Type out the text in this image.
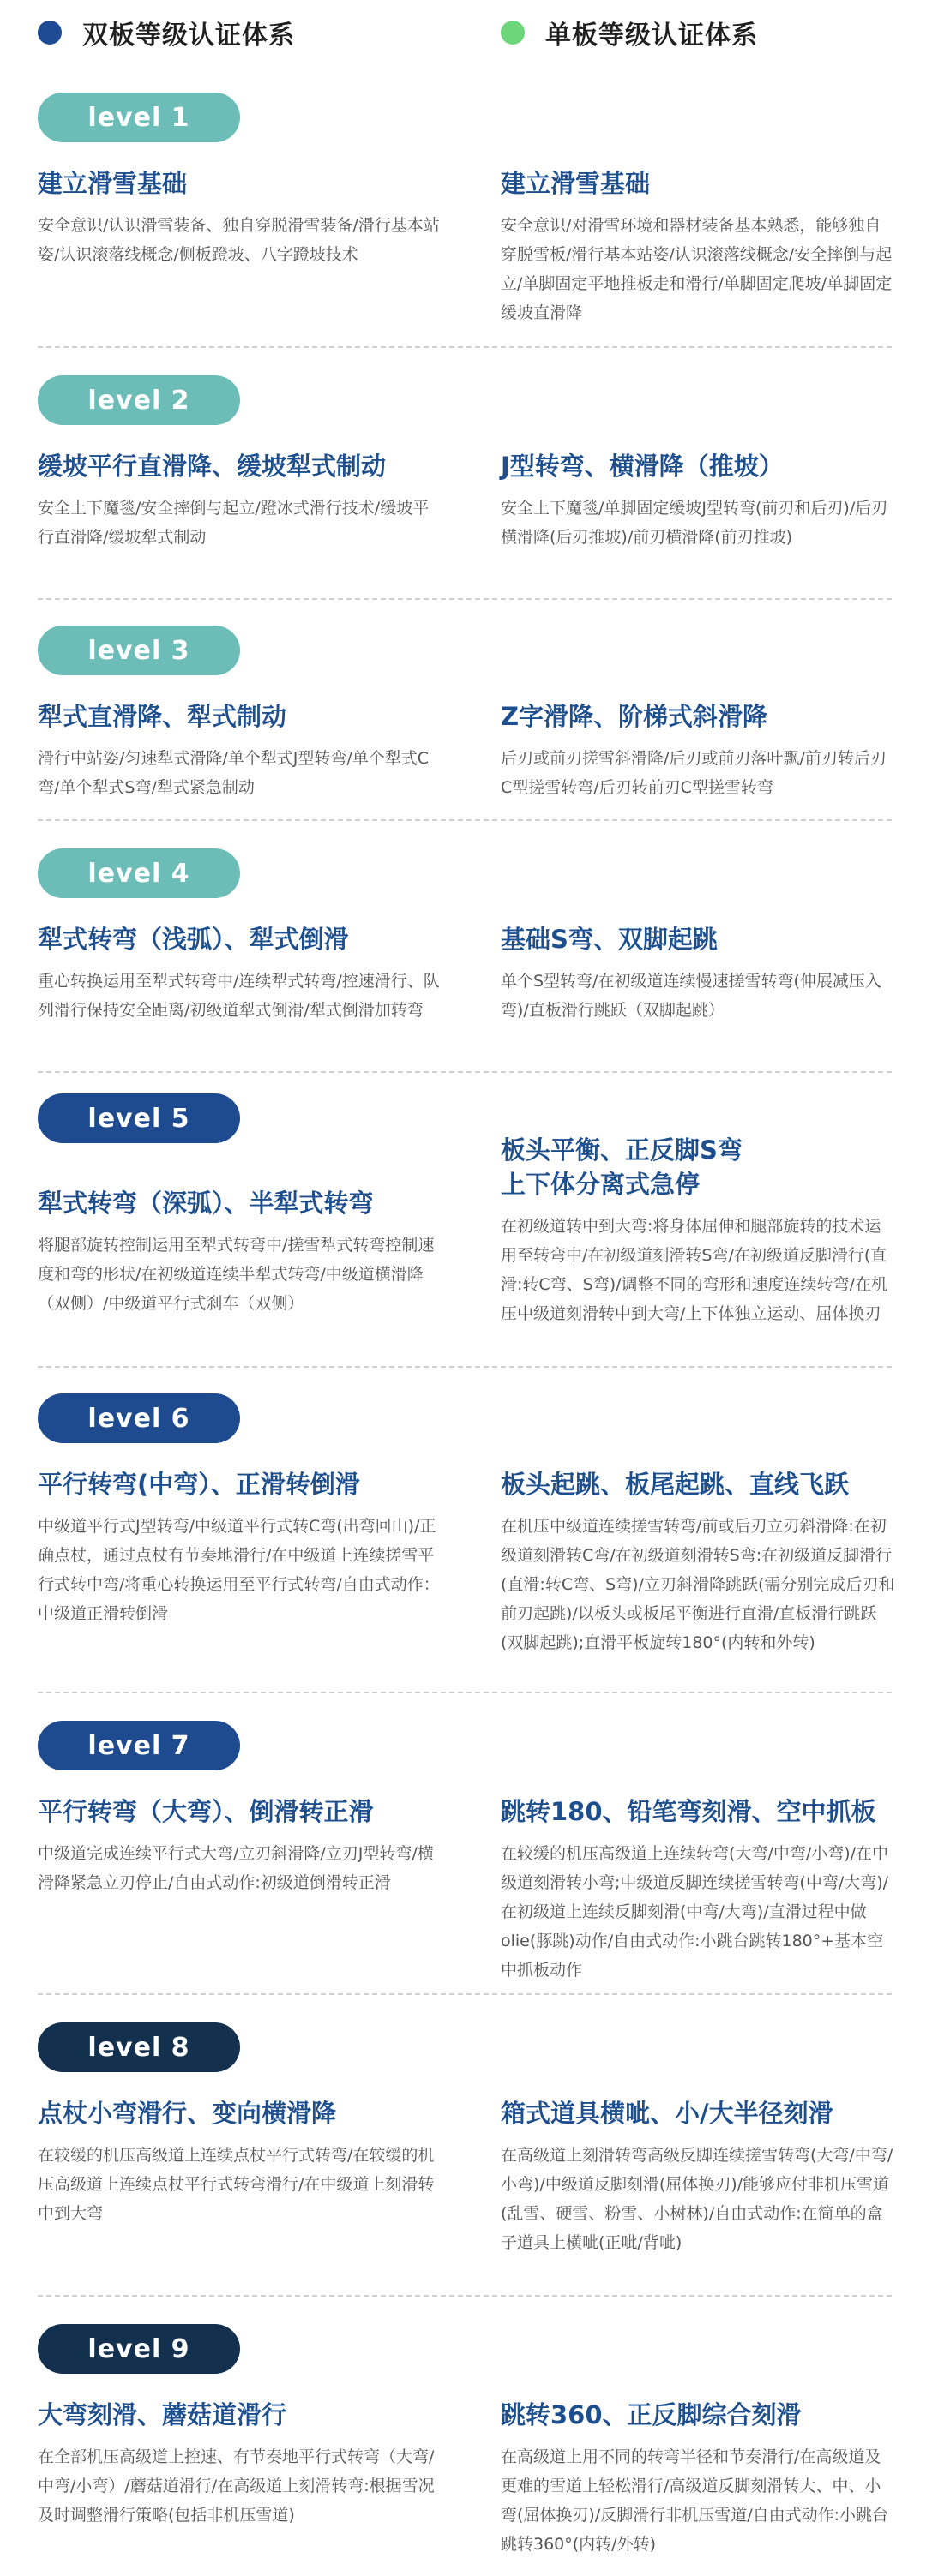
双板等级认证体系	单板等级认证体系
level 1
建立滑雪基础
安全意识/认识滑雪装备、独自穿脱滑雪装备/滑行基本站姿/认识滚落线概念/侧板蹬坡、八字蹬坡技术
建立滑雪基础
安全意识/对滑雪环境和器材装备基本熟悉，能够独自穿脱雪板/滑行基本站姿/认识滚落线概念/安全摔倒与起立/单脚固定平地推板走和滑行/单脚固定爬坡/单脚固定缓坡直滑降
level 2
缓坡平行直滑降、缓坡犁式制动
安全上下魔毯/安全摔倒与起立/蹬冰式滑行技术/缓坡平行直滑降/缓坡犁式制动
J型转弯、横滑降（推坡）
安全上下魔毯/单脚固定缓坡J型转弯(前刃和后刃)/后刃横滑降(后刃推坡)/前刃横滑降(前刃推坡)
level 3
犁式直滑降、犁式制动
滑行中站姿/匀速犁式滑降/单个犁式J型转弯/单个犁式C弯/单个犁式S弯/犁式紧急制动
Z字滑降、阶梯式斜滑降
后刃或前刃搓雪斜滑降/后刃或前刃落叶飘/前刃转后刃C型搓雪转弯/后刃转前刃C型搓雪转弯
level 4
犁式转弯（浅弧）、犁式倒滑
重心转换运用至犁式转弯中/连续犁式转弯/控速滑行、队列滑行保持安全距离/初级道犁式倒滑/犁式倒滑加转弯
基础S弯、双脚起跳
单个S型转弯/在初级道连续慢速搓雪转弯(伸展减压入弯)/直板滑行跳跃（双脚起跳）
level 5
犁式转弯（深弧）、半犁式转弯
将腿部旋转控制运用至犁式转弯中/搓雪犁式转弯控制速度和弯的形状/在初级道连续半犁式转弯/中级道横滑降（双侧）/中级道平行式刹车（双侧）
板头平衡、正反脚S弯
上下体分离式急停
在初级道转中到大弯:将身体屈伸和腿部旋转的技术运用至转弯中/在初级道刻滑转S弯/在初级道反脚滑行(直滑:转C弯、S弯)/调整不同的弯形和速度连续转弯/在机压中级道刻滑转中到大弯/上下体独立运动、屈体换刃
level 6
平行转弯(中弯）、正滑转倒滑
中级道平行式J型转弯/中级道平行式转C弯(出弯回山)/正确点杖，通过点杖有节奏地滑行/在中级道上连续搓雪平行式转中弯/将重心转换运用至平行式转弯/自由式动作：中级道正滑转倒滑
板头起跳、板尾起跳、直线飞跃
在机压中级道连续搓雪转弯/前或后刃立刃斜滑降:在初级道刻滑转C弯/在初级道刻滑转S弯:在初级道反脚滑行(直滑:转C弯、S弯)/立刃斜滑降跳跃(需分别完成后刃和前刃起跳)/以板头或板尾平衡进行直滑/直板滑行跳跃(双脚起跳);直滑平板旋转180°(内转和外转)
level 7
平行转弯（大弯）、倒滑转正滑
中级道完成连续平行式大弯/立刃斜滑降/立刃J型转弯/横滑降紧急立刃停止/自由式动作:初级道倒滑转正滑
跳转180、铅笔弯刻滑、空中抓板
在较缓的机压高级道上连续转弯(大弯/中弯/小弯)/在中级道刻滑转小弯;中级道反脚连续搓雪转弯(中弯/大弯)/在初级道上连续反脚刻滑(中弯/大弯)/直滑过程中做olie(豚跳)动作/自由式动作:小跳台跳转180°+基本空中抓板动作
level 8
点杖小弯滑行、变向横滑降
在较缓的机压高级道上连续点杖平行式转弯/在较缓的机压高级道上连续点杖平行式转弯滑行/在中级道上刻滑转中到大弯
箱式道具横呲、小/大半径刻滑
在高级道上刻滑转弯高级反脚连续搓雪转弯(大弯/中弯/小弯)/中级道反脚刻滑(屈体换刃)/能够应付非机压雪道(乱雪、硬雪、粉雪、小树林)/自由式动作:在简单的盒子道具上横呲(正呲/背呲)
level 9
大弯刻滑、蘑菇道滑行
在全部机压高级道上控速、有节奏地平行式转弯（大弯/中弯/小弯）/蘑菇道滑行/在高级道上刻滑转弯:根据雪况及时调整滑行策略(包括非机压雪道)
跳转360、正反脚综合刻滑
在高级道上用不同的转弯半径和节奏滑行/在高级道及更难的雪道上轻松滑行/高级道反脚刻滑转大、中、小弯(屈体换刃)/反脚滑行非机压雪道/自由式动作:小跳台跳转360°(内转/外转)
